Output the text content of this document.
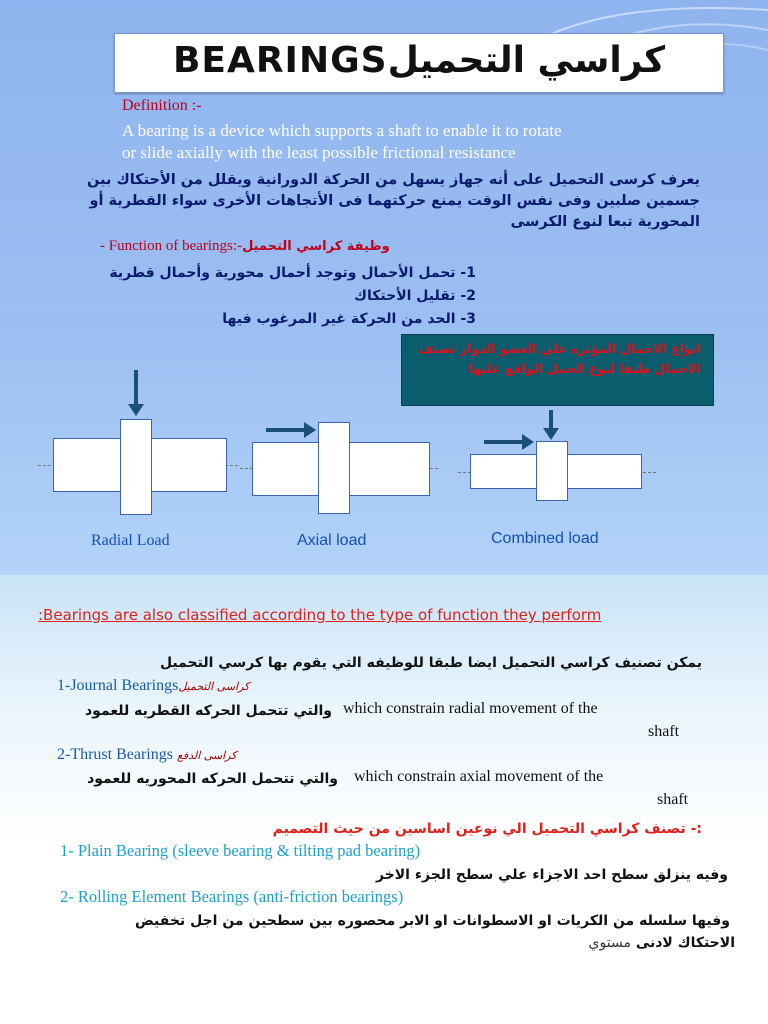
BEARINGSكراسي التحميل
Definition :-
A bearing is a device which supports a shaft to enable it to rotate
or slide axially with the least possible frictional resistance
يعرف كرسى التحميل على أنه جهاز يسهل من الحركة الدورانية ويقلل من الأحتكاك بين جسمين صلبين وفى نفس الوقت يمنع حركتهما فى الأتجاهات الأخرى سواء القطرية أو المحورية تبعا لنوع الكرسى
- Function of bearings:-وظيفة كراسي التحميل
1- تحمل الأحمال وتوجد أحمال محورية وأحمال قطرية
2- تقليل الأحتكاك
3- الحد من الحركة غير المرغوب فيها
انواع الاحمال المؤثره علي العضو الدوار تصنف الاحمال طبقا لنوع الحمل الواقع عليها
Radial Load	Axial load	Combined load
:Bearings are also classified according to the type of function they perform
يمكن تصنيف كراسي التحميل ايضا طبقا للوظيفه التي يقوم بها كرسي التحميل
1-Journal Bearingsكراسى التحميل
والتي تتحمل الحركه القطريه للعمود which constrain radial movement of the
shaft
2-Thrust Bearings كراسى الدفع
والتي تتحمل الحركه المحوريه للعمود which constrain axial movement of the
shaft
:- تصنف كراسي التحميل الي نوعين اساسين من حيث التصميم
1- Plain Bearing (sleeve bearing & tilting pad bearing)
وفيه ينزلق سطح احد الاجزاء علي سطح الجزء الاخر
2- Rolling Element Bearings (anti-friction bearings)
وفيها سلسله من الكريات او الاسطوانات او الابر محصوره بين سطحين من اجل تخفيض
الاحتكاك لادنى مستوي
